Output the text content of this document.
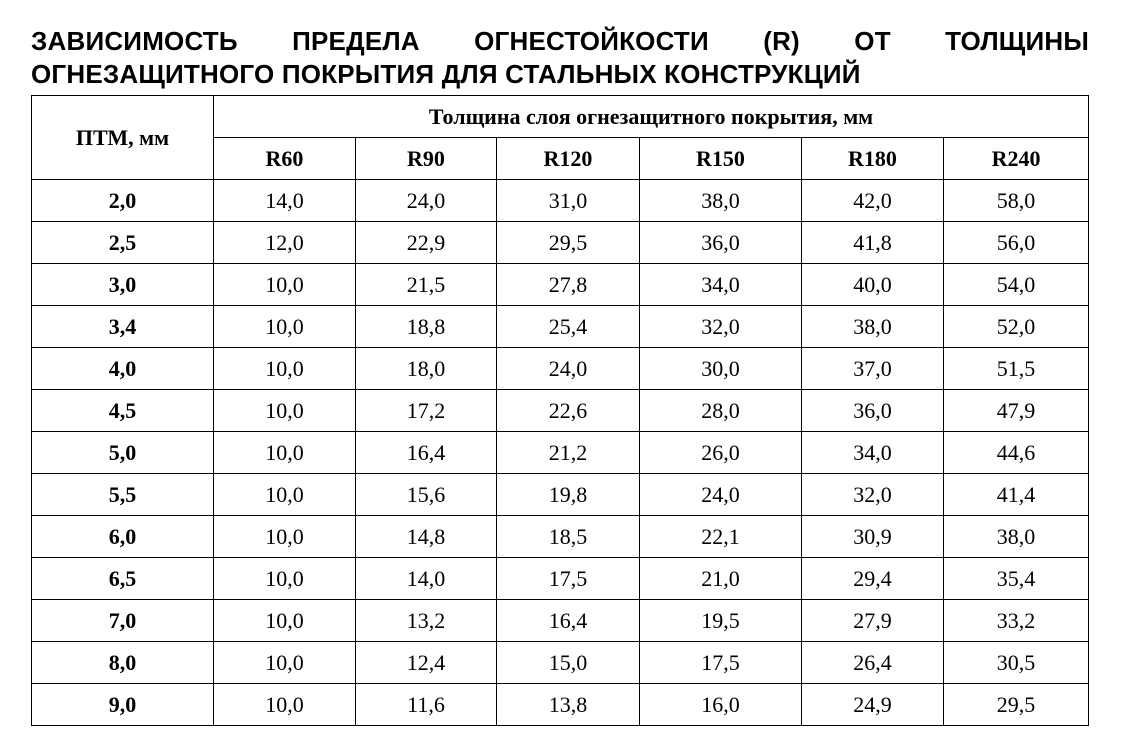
ЗАВИСИМОСТЬ ПРЕДЕЛА ОГНЕСТОЙКОСТИ (R) ОТ ТОЛЩИНЫ
ОГНЕЗАЩИТНОГО ПОКРЫТИЯ ДЛЯ СТАЛЬНЫХ КОНСТРУКЦИЙ
ПТМ, мм	Толщина слоя огнезащитного покрытия, мм					
	R60	R90	R120	R150	R180	R240
2,0	14,0	24,0	31,0	38,0	42,0	58,0
2,5	12,0	22,9	29,5	36,0	41,8	56,0
3,0	10,0	21,5	27,8	34,0	40,0	54,0
3,4	10,0	18,8	25,4	32,0	38,0	52,0
4,0	10,0	18,0	24,0	30,0	37,0	51,5
4,5	10,0	17,2	22,6	28,0	36,0	47,9
5,0	10,0	16,4	21,2	26,0	34,0	44,6
5,5	10,0	15,6	19,8	24,0	32,0	41,4
6,0	10,0	14,8	18,5	22,1	30,9	38,0
6,5	10,0	14,0	17,5	21,0	29,4	35,4
7,0	10,0	13,2	16,4	19,5	27,9	33,2
8,0	10,0	12,4	15,0	17,5	26,4	30,5
9,0	10,0	11,6	13,8	16,0	24,9	29,5
